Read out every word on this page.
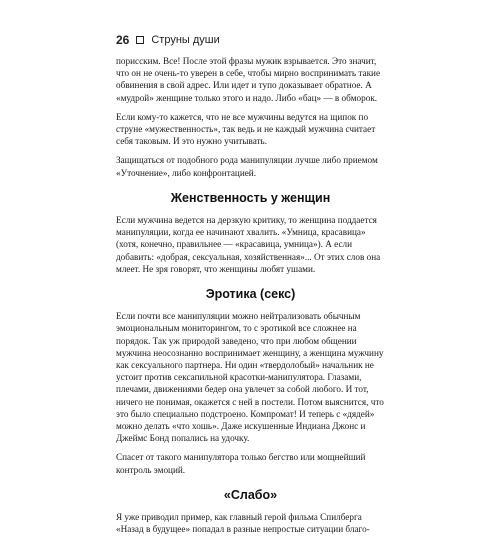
26 Струны души

порисским. Все! После этой фразы мужик взрывается. Это значит, что он не очень-то уверен в себе, чтобы мирно воспринимать такие обвинения в свой адрес. Или идет и тупо доказывает обратное. А «мудрой» женщине только этого и надо. Либо «бац» — в обморок.

Если кому-то кажется, что не все мужчины ведутся на щипок по струне «мужественность», так ведь и не каждый мужчина считает себя таковым. И это нужно учитывать.

Защищаться от подобного рода манипуляции лучше либо приемом «Уточнение», либо конфронтацией.

Женственность у женщин

Если мужчина ведется на дерзкую критику, то женщина поддается манипуляции, когда ее начинают хвалить. «Умница, красавица» (хотя, конечно, правильнее — «красавица, умница»). А если добавить: «добрая, сексуальная, хозяйственная»... От этих слов она млеет. Не зря говорят, что женщины любят ушами.

Эротика (секс)

Если почти все манипуляции можно нейтрализовать обычным эмоциональным мониторингом, то с эротикой все сложнее на порядок. Так уж природой заведено, что при любом общении мужчина неосознанно воспринимает женщину, а женщина мужчину как сексуального партнера. Ни один «твердолобый» начальник не устоит против сексапильной красотки-манипулятора. Глазами, плечами, движениями бедер она увлечет за собой любого. И тот, ничего не понимая, окажется с ней в постели. Потом выяснится, что это было специально подстроено. Компромат! И теперь с «дядей» можно делать «что хошь». Даже искушенные Индиана Джонс и Джеймс Бонд попались на удочку.

Спасет от такого манипулятора только бегство или мощнейший контроль эмоций.

«Слабо»

Я уже приводил пример, как главный герой фильма Спилберга «Назад в будущее» попадал в разные непростые ситуации благо-
